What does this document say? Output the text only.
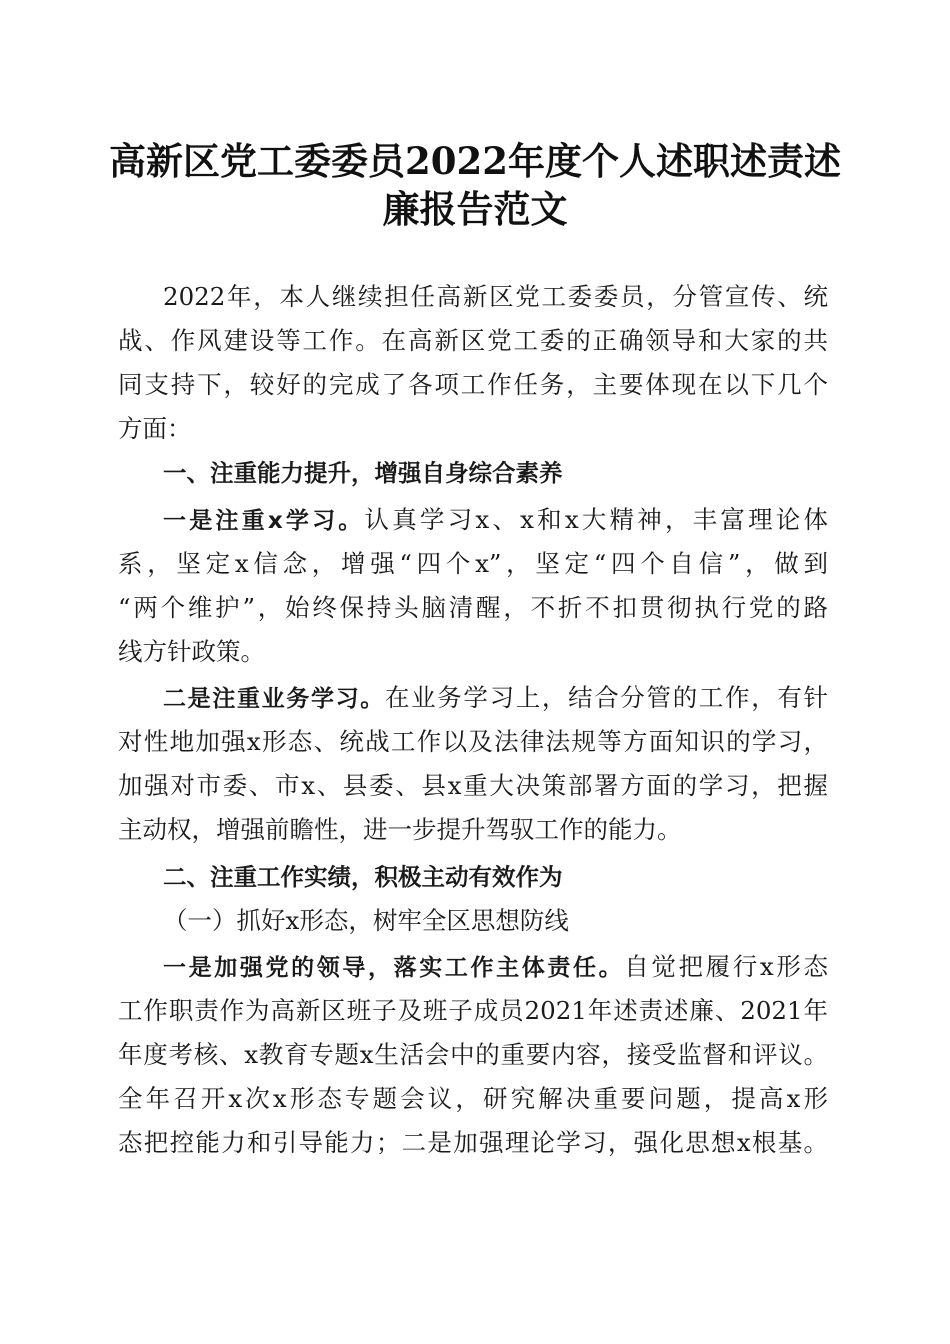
高新区党工委委员2022年度个人述职述责述
廉报告范文

2022年，本人继续担任高新区党工委委员，分管宣传、统

战、作风建设等工作。在高新区党工委的正确领导和大家的共

同支持下，较好的完成了各项工作任务，主要体现在以下几个

方面：

一、注重能力提升，增强自身综合素养

一是注重x学习。认真学习x、x和x大精神，丰富理论体

系，坚定x信念，增强“四个x”，坚定“四个自信”，做到

“两个维护”，始终保持头脑清醒，不折不扣贯彻执行党的路

线方针政策。

二是注重业务学习。在业务学习上，结合分管的工作，有针

对性地加强x形态、统战工作以及法律法规等方面知识的学习，

加强对市委、市x、县委、县x重大决策部署方面的学习，把握

主动权，增强前瞻性，进一步提升驾驭工作的能力。

二、注重工作实绩，积极主动有效作为

（一）抓好x形态，树牢全区思想防线

一是加强党的领导，落实工作主体责任。自觉把履行x形态

工作职责作为高新区班子及班子成员2021年述责述廉、2021年

年度考核、x教育专题x生活会中的重要内容，接受监督和评议。

全年召开x次x形态专题会议，研究解决重要问题，提高x形

态把控能力和引导能力；二是加强理论学习，强化思想x根基。
